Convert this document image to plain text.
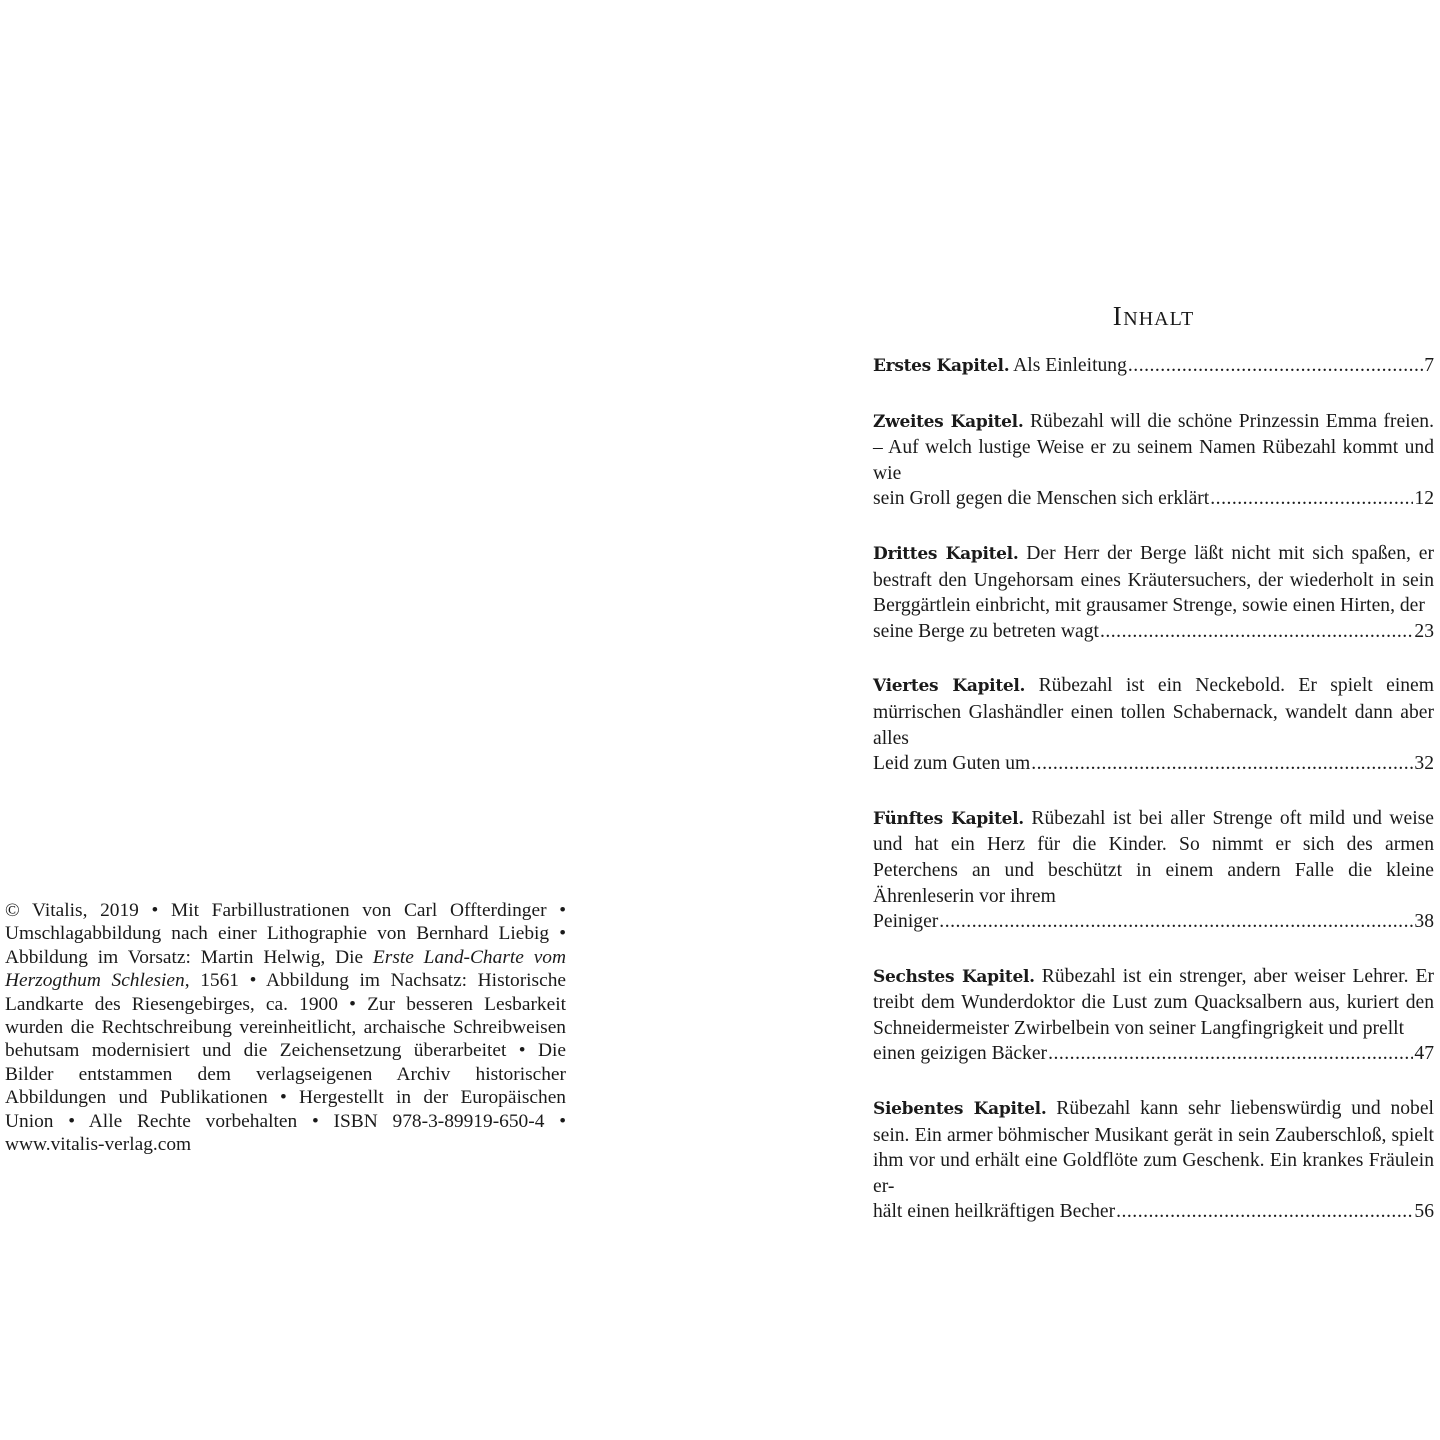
© Vitalis, 2019 • Mit Farbillustrationen von Carl Offterdinger • Umschlagabbildung nach einer Lithographie von Bernhard Liebig • Abbildung im Vorsatz: Martin Helwig, Die Erste Land-Charte vom Herzogthum Schlesien, 1561 • Abbildung im Nachsatz: Historische Landkarte des Riesengebirges, ca. 1900 • Zur besseren Lesbarkeit wurden die Rechtschreibung vereinheitlicht, archaische Schreibweisen behutsam modernisiert und die Zeichensetzung überarbeitet • Die Bilder entstammen dem verlagseigenen Archiv historischer Abbildungen und Publikationen • Hergestellt in der Europäischen Union • Alle Rechte vorbehalten • ISBN 978-3-89919-650-4 • www.vitalis-verlag.com

INHALT
Erstes Kapitel. Als Einleitung .....	7
Zweites Kapitel. Rübezahl will die schöne Prinzessin Emma freien. – Auf welch lustige Weise er zu seinem Namen Rübezahl kommt und wie
sein Groll gegen die Menschen sich erklärt .....	12
Drittes Kapitel. Der Herr der Berge läßt nicht mit sich spaßen, er bestraft den Ungehorsam eines Kräutersuchers, der wiederholt in sein Berggärtlein einbricht, mit grausamer Strenge, sowie einen Hirten, der
seine Berge zu betreten wagt .....	23
Viertes Kapitel. Rübezahl ist ein Neckebold. Er spielt einem mürrischen Glashändler einen tollen Schabernack, wandelt dann aber alles
Leid zum Guten um .....	32
Fünftes Kapitel. Rübezahl ist bei aller Strenge oft mild und weise und hat ein Herz für die Kinder. So nimmt er sich des armen Peterchens an und beschützt in einem andern Falle die kleine Ährenleserin vor ihrem
Peiniger .....	38
Sechstes Kapitel. Rübezahl ist ein strenger, aber weiser Lehrer. Er treibt dem Wunderdoktor die Lust zum Quacksalbern aus, kuriert den Schneidermeister Zwirbelbein von seiner Langfingrigkeit und prellt
einen geizigen Bäcker .....	47
Siebentes Kapitel. Rübezahl kann sehr liebenswürdig und nobel sein. Ein armer böhmischer Musikant gerät in sein Zauberschloß, spielt ihm vor und erhält eine Goldflöte zum Geschenk. Ein krankes Fräulein er-
hält einen heilkräftigen Becher .....	56
